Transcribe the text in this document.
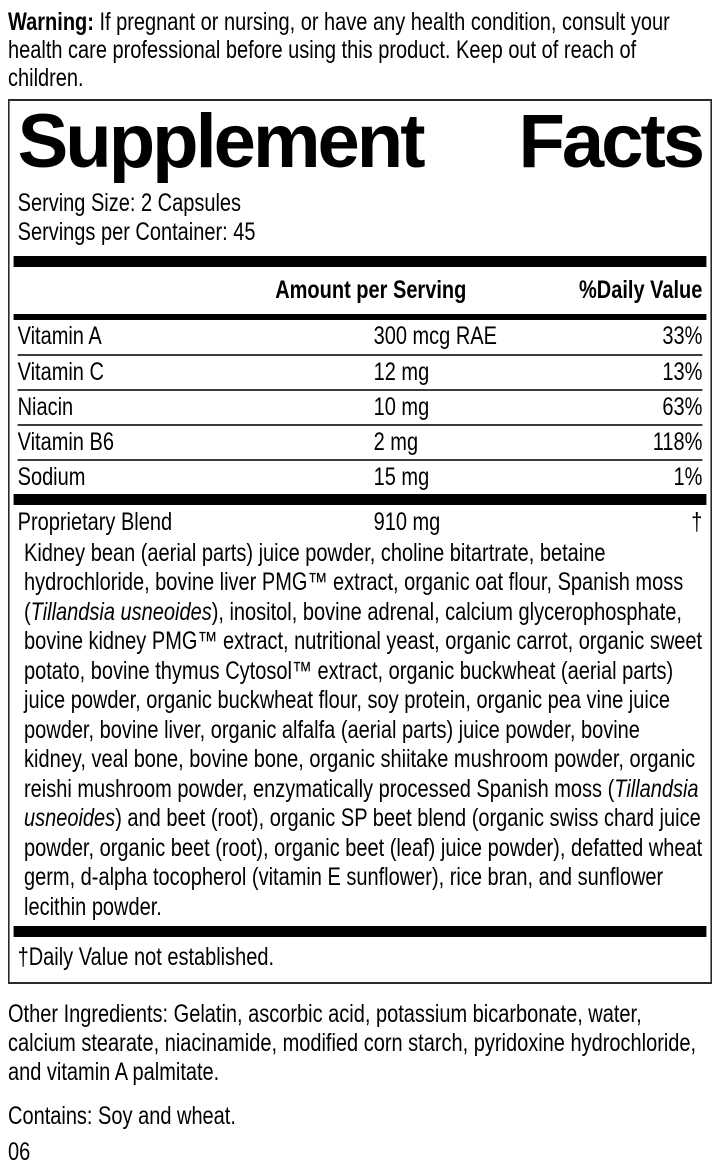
Warning: If pregnant or nursing, or have any health condition, consult your health care professional before using this product. Keep out of reach of children.

Supplement Facts
Serving Size: 2 Capsules
Servings per Container: 45
Amount per Serving	%Daily Value
Vitamin A	300 mcg RAE	33%
Vitamin C	12 mg	13%
Niacin	10 mg	63%
Vitamin B6	2 mg	118%
Sodium	15 mg	1%
Proprietary Blend	910 mg	†

Kidney bean (aerial parts) juice powder, choline bitartrate, betaine hydrochloride, bovine liver PMG™ extract, organic oat flour, Spanish moss (Tillandsia usneoides), inositol, bovine adrenal, calcium glycerophosphate, bovine kidney PMG™ extract, nutritional yeast, organic carrot, organic sweet potato, bovine thymus Cytosol™ extract, organic buckwheat (aerial parts) juice powder, organic buckwheat flour, soy protein, organic pea vine juice powder, bovine liver, organic alfalfa (aerial parts) juice powder, bovine kidney, veal bone, bovine bone, organic shiitake mushroom powder, organic reishi mushroom powder, enzymatically processed Spanish moss (Tillandsia usneoides) and beet (root), organic SP beet blend (organic swiss chard juice powder, organic beet (root), organic beet (leaf) juice powder), defatted wheat germ, d-alpha tocopherol (vitamin E sunflower), rice bran, and sunflower lecithin powder.

†Daily Value not established.

Other Ingredients: Gelatin, ascorbic acid, potassium bicarbonate, water, calcium stearate, niacinamide, modified corn starch, pyridoxine hydrochloride, and vitamin A palmitate.

Contains: Soy and wheat.

06
